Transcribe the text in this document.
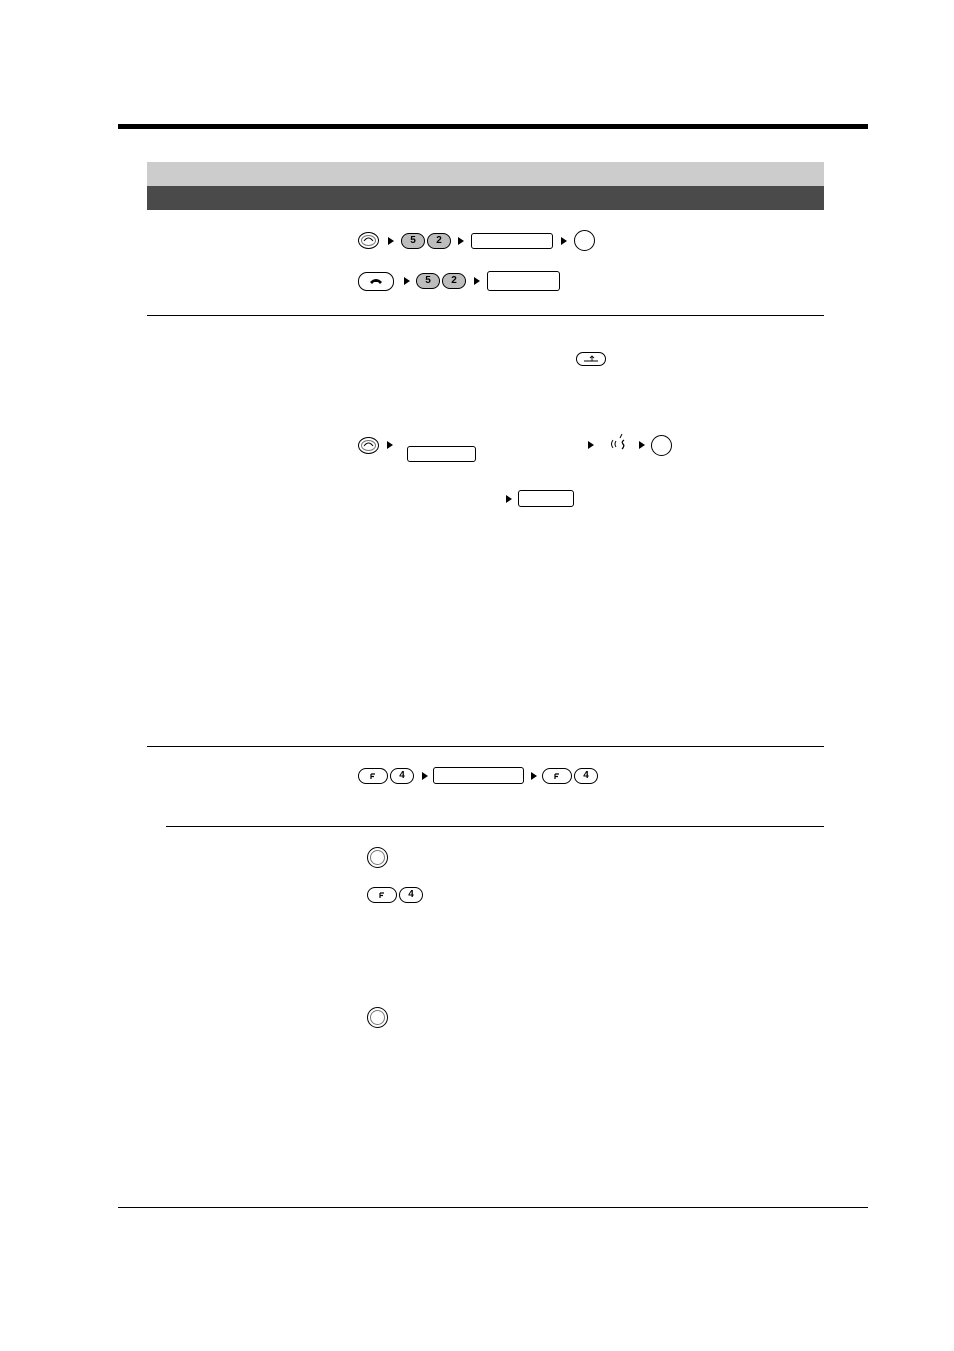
5	2
5	2
4	4
4
